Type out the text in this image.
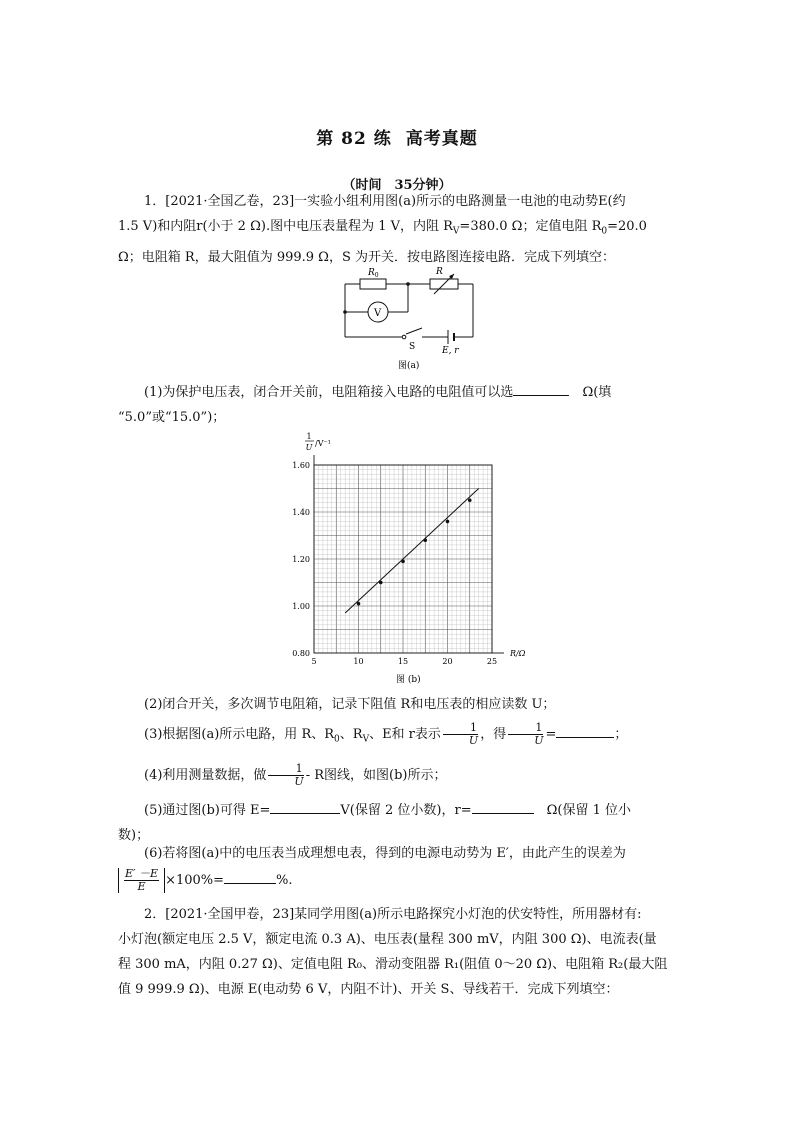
第 82 练 高考真题
（时间　35分钟）
1．[2021·全国乙卷，23]一实验小组利用图(a)所示的电路测量一电池的电动势E(约
1.5 V)和内阻r(小于 2 Ω).图中电压表量程为 1 V，内阻 $R_V=380.0$ Ω；定值电阻 $R_0=20.0$
Ω；电阻箱 R，最大阻值为 999.9 Ω，S 为开关．按电路图连接电路．完成下列填空：
$R_0$	R
V
S	E, r
图(a)
(1)为保护电压表，闭合开关前，电阻箱接入电路的电阻值可以选　	Ω(填
“5.0”或“15.0”)；
5	10	15	20	25
0.80
1.00
1.20
1.40
1.60
1
U /V⁻¹
R/Ω
图 (b)
(2)闭合开关，多次调节电阻箱，记录下阻值 R和电压表的相应读数 U；
(3)根据图(a)所示电路，用 R、$R_0$、$R_V$、E和 r表示 $\frac{1}{U}$ ，得 $\frac{1}{U}$ =	；
(4)利用测量数据，做 $\frac{1}{U}$ - R图线，如图(b)所示；
(5)通过图(b)可得 E=	V(保留 2 位小数)，r=　	Ω(保留 1 位小
数)；
(6)若将图(a)中的电压表当成理想电表，得到的电源电动势为 E′，由此产生的误差为
$\frac{E' -E}{E} \times 100\%=$	%.
2．[2021·全国甲卷，23]某同学用图(a)所示电路探究小灯泡的伏安特性，所用器材有:
小灯泡(额定电压 2.5 V，额定电流 0.3 A)、电压表(量程 300 mV，内阻 300 Ω)、电流表(量
程 300 mA，内阻 0.27 Ω)、定值电阻 R₀、滑动变阻器 R₁(阻值 0～20 Ω)、电阻箱 R₂(最大阻
值 9 999.9 Ω)、电源 E(电动势 6 V，内阻不计)、开关 S、导线若干．完成下列填空：
